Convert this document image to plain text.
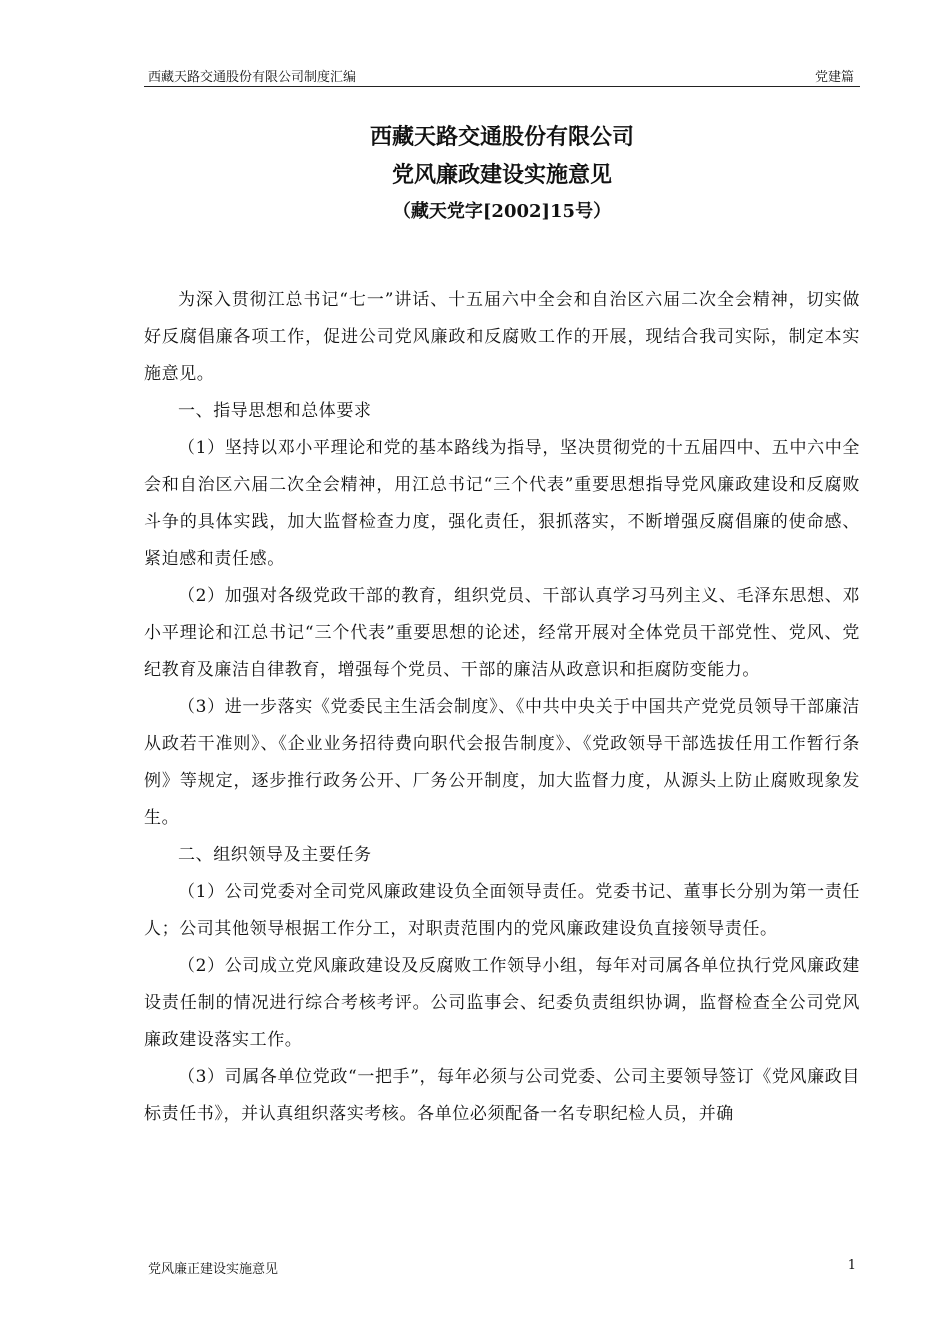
西藏天路交通股份有限公司制度汇编	党建篇
西藏天路交通股份有限公司
党风廉政建设实施意见
（藏天党字[2002]15号）

为深入贯彻江总书记“七一”讲话、十五届六中全会和自治区六届二次全会精神，切实做好反腐倡廉各项工作，促进公司党风廉政和反腐败工作的开展，现结合我司实际，制定本实施意见。

一、指导思想和总体要求

（1）坚持以邓小平理论和党的基本路线为指导，坚决贯彻党的十五届四中、五中六中全会和自治区六届二次全会精神，用江总书记“三个代表”重要思想指导党风廉政建设和反腐败斗争的具体实践，加大监督检查力度，强化责任，狠抓落实，不断增强反腐倡廉的使命感、紧迫感和责任感。

（2）加强对各级党政干部的教育，组织党员、干部认真学习马列主义、毛泽东思想、邓小平理论和江总书记“三个代表”重要思想的论述，经常开展对全体党员干部党性、党风、党纪教育及廉洁自律教育，增强每个党员、干部的廉洁从政意识和拒腐防变能力。

（3）进一步落实《党委民主生活会制度》、《中共中央关于中国共产党党员领导干部廉洁从政若干准则》、《企业业务招待费向职代会报告制度》、《党政领导干部选拔任用工作暂行条例》等规定，逐步推行政务公开、厂务公开制度，加大监督力度，从源头上防止腐败现象发生。

二、组织领导及主要任务

（1）公司党委对全司党风廉政建设负全面领导责任。党委书记、董事长分别为第一责任人；公司其他领导根据工作分工，对职责范围内的党风廉政建设负直接领导责任。

（2）公司成立党风廉政建设及反腐败工作领导小组，每年对司属各单位执行党风廉政建设责任制的情况进行综合考核考评。公司监事会、纪委负责组织协调，监督检查全公司党风廉政建设落实工作。

（3）司属各单位党政“一把手”，每年必须与公司党委、公司主要领导签订《党风廉政目标责任书》，并认真组织落实考核。各单位必须配备一名专职纪检人员，并确

党风廉正建设实施意见	1
